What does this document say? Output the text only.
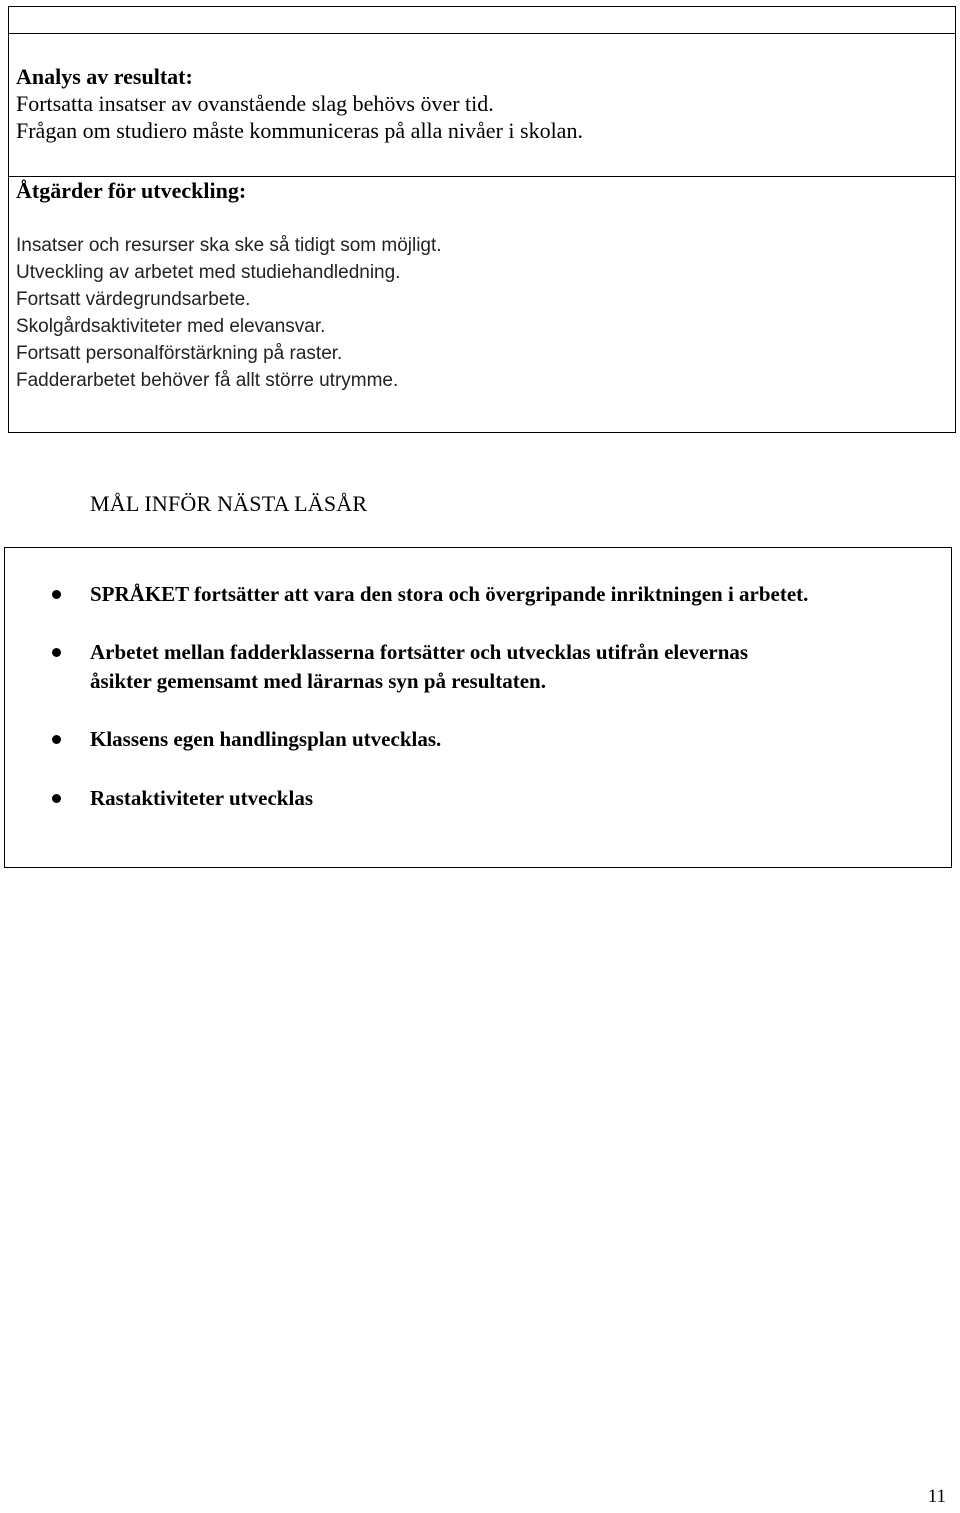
Analys av resultat:
Fortsatta insatser av ovanstående slag behövs över tid.
Frågan om studiero måste kommuniceras på alla nivåer i skolan.
Åtgärder för utveckling:
Insatser och resurser ska ske så tidigt som möjligt.
Utveckling av arbetet med studiehandledning.
Fortsatt värdegrundsarbete.
Skolgårdsaktiviteter med elevansvar.
Fortsatt personalförstärkning på raster.
Fadderarbetet behöver få allt större utrymme.
MÅL INFÖR NÄSTA LÄSÅR
SPRÅKET fortsätter att vara den stora och övergripande inriktningen i arbetet.
Arbetet mellan fadderklasserna fortsätter och utvecklas utifrån elevernas
åsikter gemensamt med lärarnas syn på resultaten.
Klassens egen handlingsplan utvecklas.
Rastaktiviteter utvecklas
11
